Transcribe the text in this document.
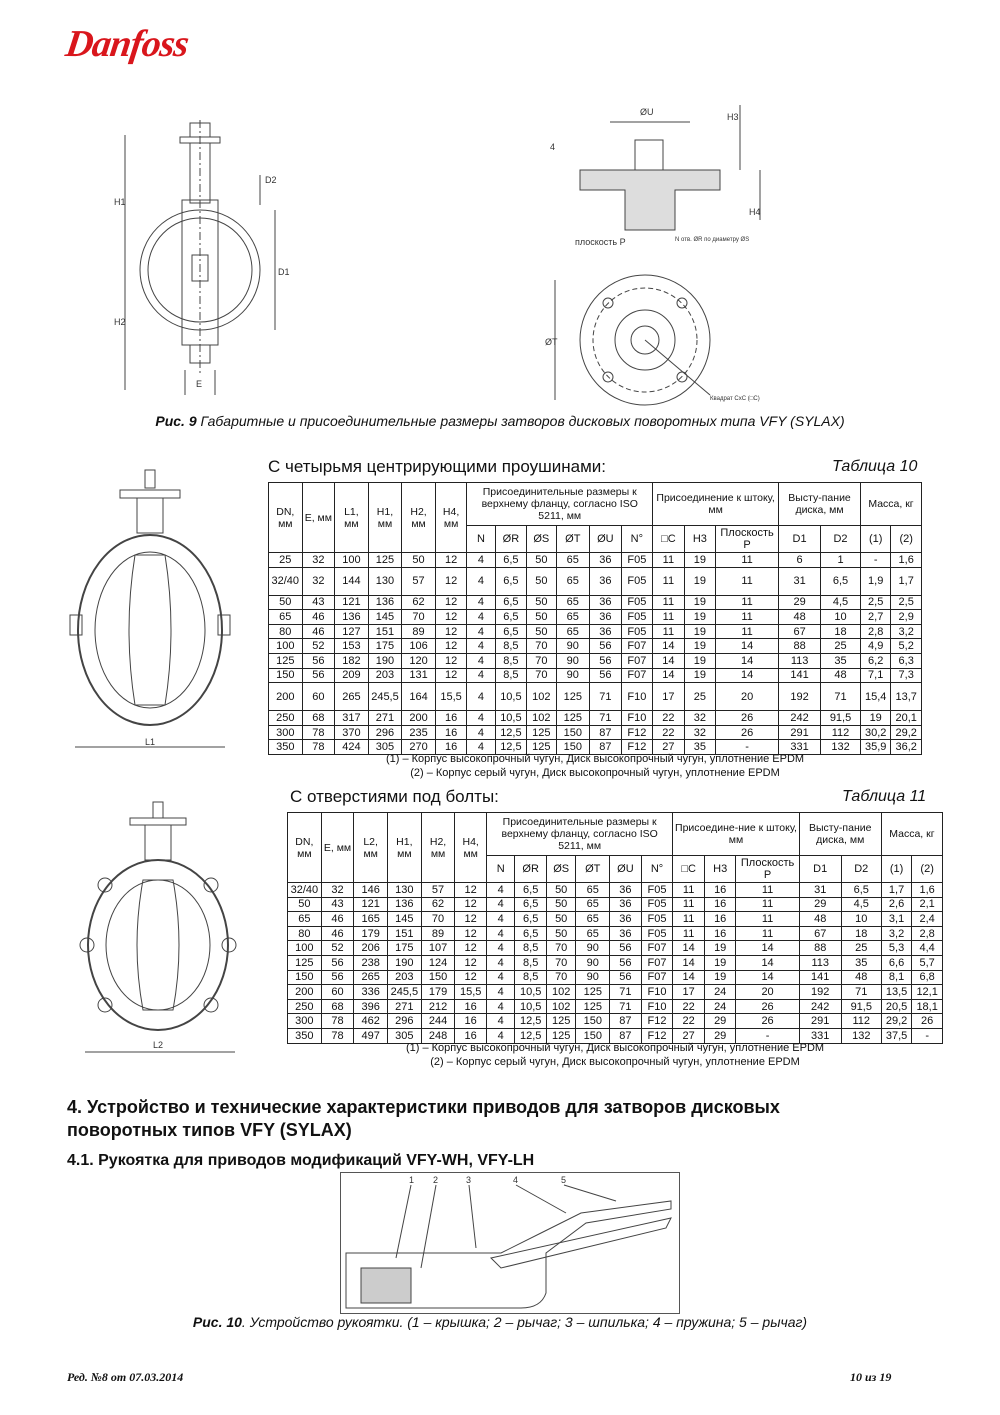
Danfoss
H1
H2
D2
D1
E
ØU	H3
H4
4
плоскость P	N отв. ØR по диаметру ØS
ØT
Квадрат CxC (□C)
Рис. 9 Габаритные и присоединительные размеры затворов дисковых поворотных типа VFY (SYLAX)
С четырьмя центрирующими проушинами:	Таблица 10
L1
DN, мм	E, мм	L1, мм	H1, мм	H2, мм	H4, мм	Присоединительные размеры к верхнему фланцу, согласно ISO 5211, мм						Присоединение к штоку, мм			Высту-пание диска, мм		Масса, кг	
						N	ØR	ØS	ØT	ØU	N°	□C	H3	Плоскость P	D1	D2	(1)	(2)
25	32	100	125	50	12	4	6,5	50	65	36	F05	11	19	11	6	1	-	1,6
32/40	32	144	130	57	12	4	6,5	50	65	36	F05	11	19	11	31	6,5	1,9	1,7
50	43	121	136	62	12	4	6,5	50	65	36	F05	11	19	11	29	4,5	2,5	2,5
65	46	136	145	70	12	4	6,5	50	65	36	F05	11	19	11	48	10	2,7	2,9
80	46	127	151	89	12	4	6,5	50	65	36	F05	11	19	11	67	18	2,8	3,2
100	52	153	175	106	12	4	8,5	70	90	56	F07	14	19	14	88	25	4,9	5,2
125	56	182	190	120	12	4	8,5	70	90	56	F07	14	19	14	113	35	6,2	6,3
150	56	209	203	131	12	4	8,5	70	90	56	F07	14	19	14	141	48	7,1	7,3
200	60	265	245,5	164	15,5	4	10,5	102	125	71	F10	17	25	20	192	71	15,4	13,7
250	68	317	271	200	16	4	10,5	102	125	71	F10	22	32	26	242	91,5	19	20,1
300	78	370	296	235	16	4	12,5	125	150	87	F12	22	32	26	291	112	30,2	29,2
350	78	424	305	270	16	4	12,5	125	150	87	F12	27	35	-	331	132	35,9	36,2
(1) – Корпус высокопрочный чугун, Диск высокопрочный чугун, уплотнение EPDM
(2) – Корпус серый чугун, Диск высокопрочный чугун, уплотнение EPDM
С отверстиями под болты:	Таблица 11
L2
DN, мм	E, мм	L2, мм	H1, мм	H2, мм	H4, мм	Присоединительные размеры к верхнему фланцу, согласно ISO 5211, мм						Присоедине-ние к штоку, мм			Высту-пание диска, мм		Масса, кг	
						N	ØR	ØS	ØT	ØU	N°	□C	H3	Плоскость P	D1	D2	(1)	(2)
32/40	32	146	130	57	12	4	6,5	50	65	36	F05	11	16	11	31	6,5	1,7	1,6
50	43	121	136	62	12	4	6,5	50	65	36	F05	11	16	11	29	4,5	2,6	2,1
65	46	165	145	70	12	4	6,5	50	65	36	F05	11	16	11	48	10	3,1	2,4
80	46	179	151	89	12	4	6,5	50	65	36	F05	11	16	11	67	18	3,2	2,8
100	52	206	175	107	12	4	8,5	70	90	56	F07	14	19	14	88	25	5,3	4,4
125	56	238	190	124	12	4	8,5	70	90	56	F07	14	19	14	113	35	6,6	5,7
150	56	265	203	150	12	4	8,5	70	90	56	F07	14	19	14	141	48	8,1	6,8
200	60	336	245,5	179	15,5	4	10,5	102	125	71	F10	17	24	20	192	71	13,5	12,1
250	68	396	271	212	16	4	10,5	102	125	71	F10	22	24	26	242	91,5	20,5	18,1
300	78	462	296	244	16	4	12,5	125	150	87	F12	22	29	26	291	112	29,2	26
350	78	497	305	248	16	4	12,5	125	150	87	F12	27	29	-	331	132	37,5	-
(1) – Корпус высокопрочный чугун, Диск высокопрочный чугун, уплотнение EPDM
(2) – Корпус серый чугун, Диск высокопрочный чугун, уплотнение EPDM
4. Устройство и технические характеристики приводов для затворов дисковых поворотных типов VFY (SYLAX)
4.1. Рукоятка для приводов модификаций VFY-WH, VFY-LH
1 2	3	4	5
Рис. 10. Устройство рукоятки. (1 – крышка; 2 – рычаг; 3 – шпилька; 4 – пружина; 5 – рычаг)
Ред. №8 от 07.03.2014	10 из 19
